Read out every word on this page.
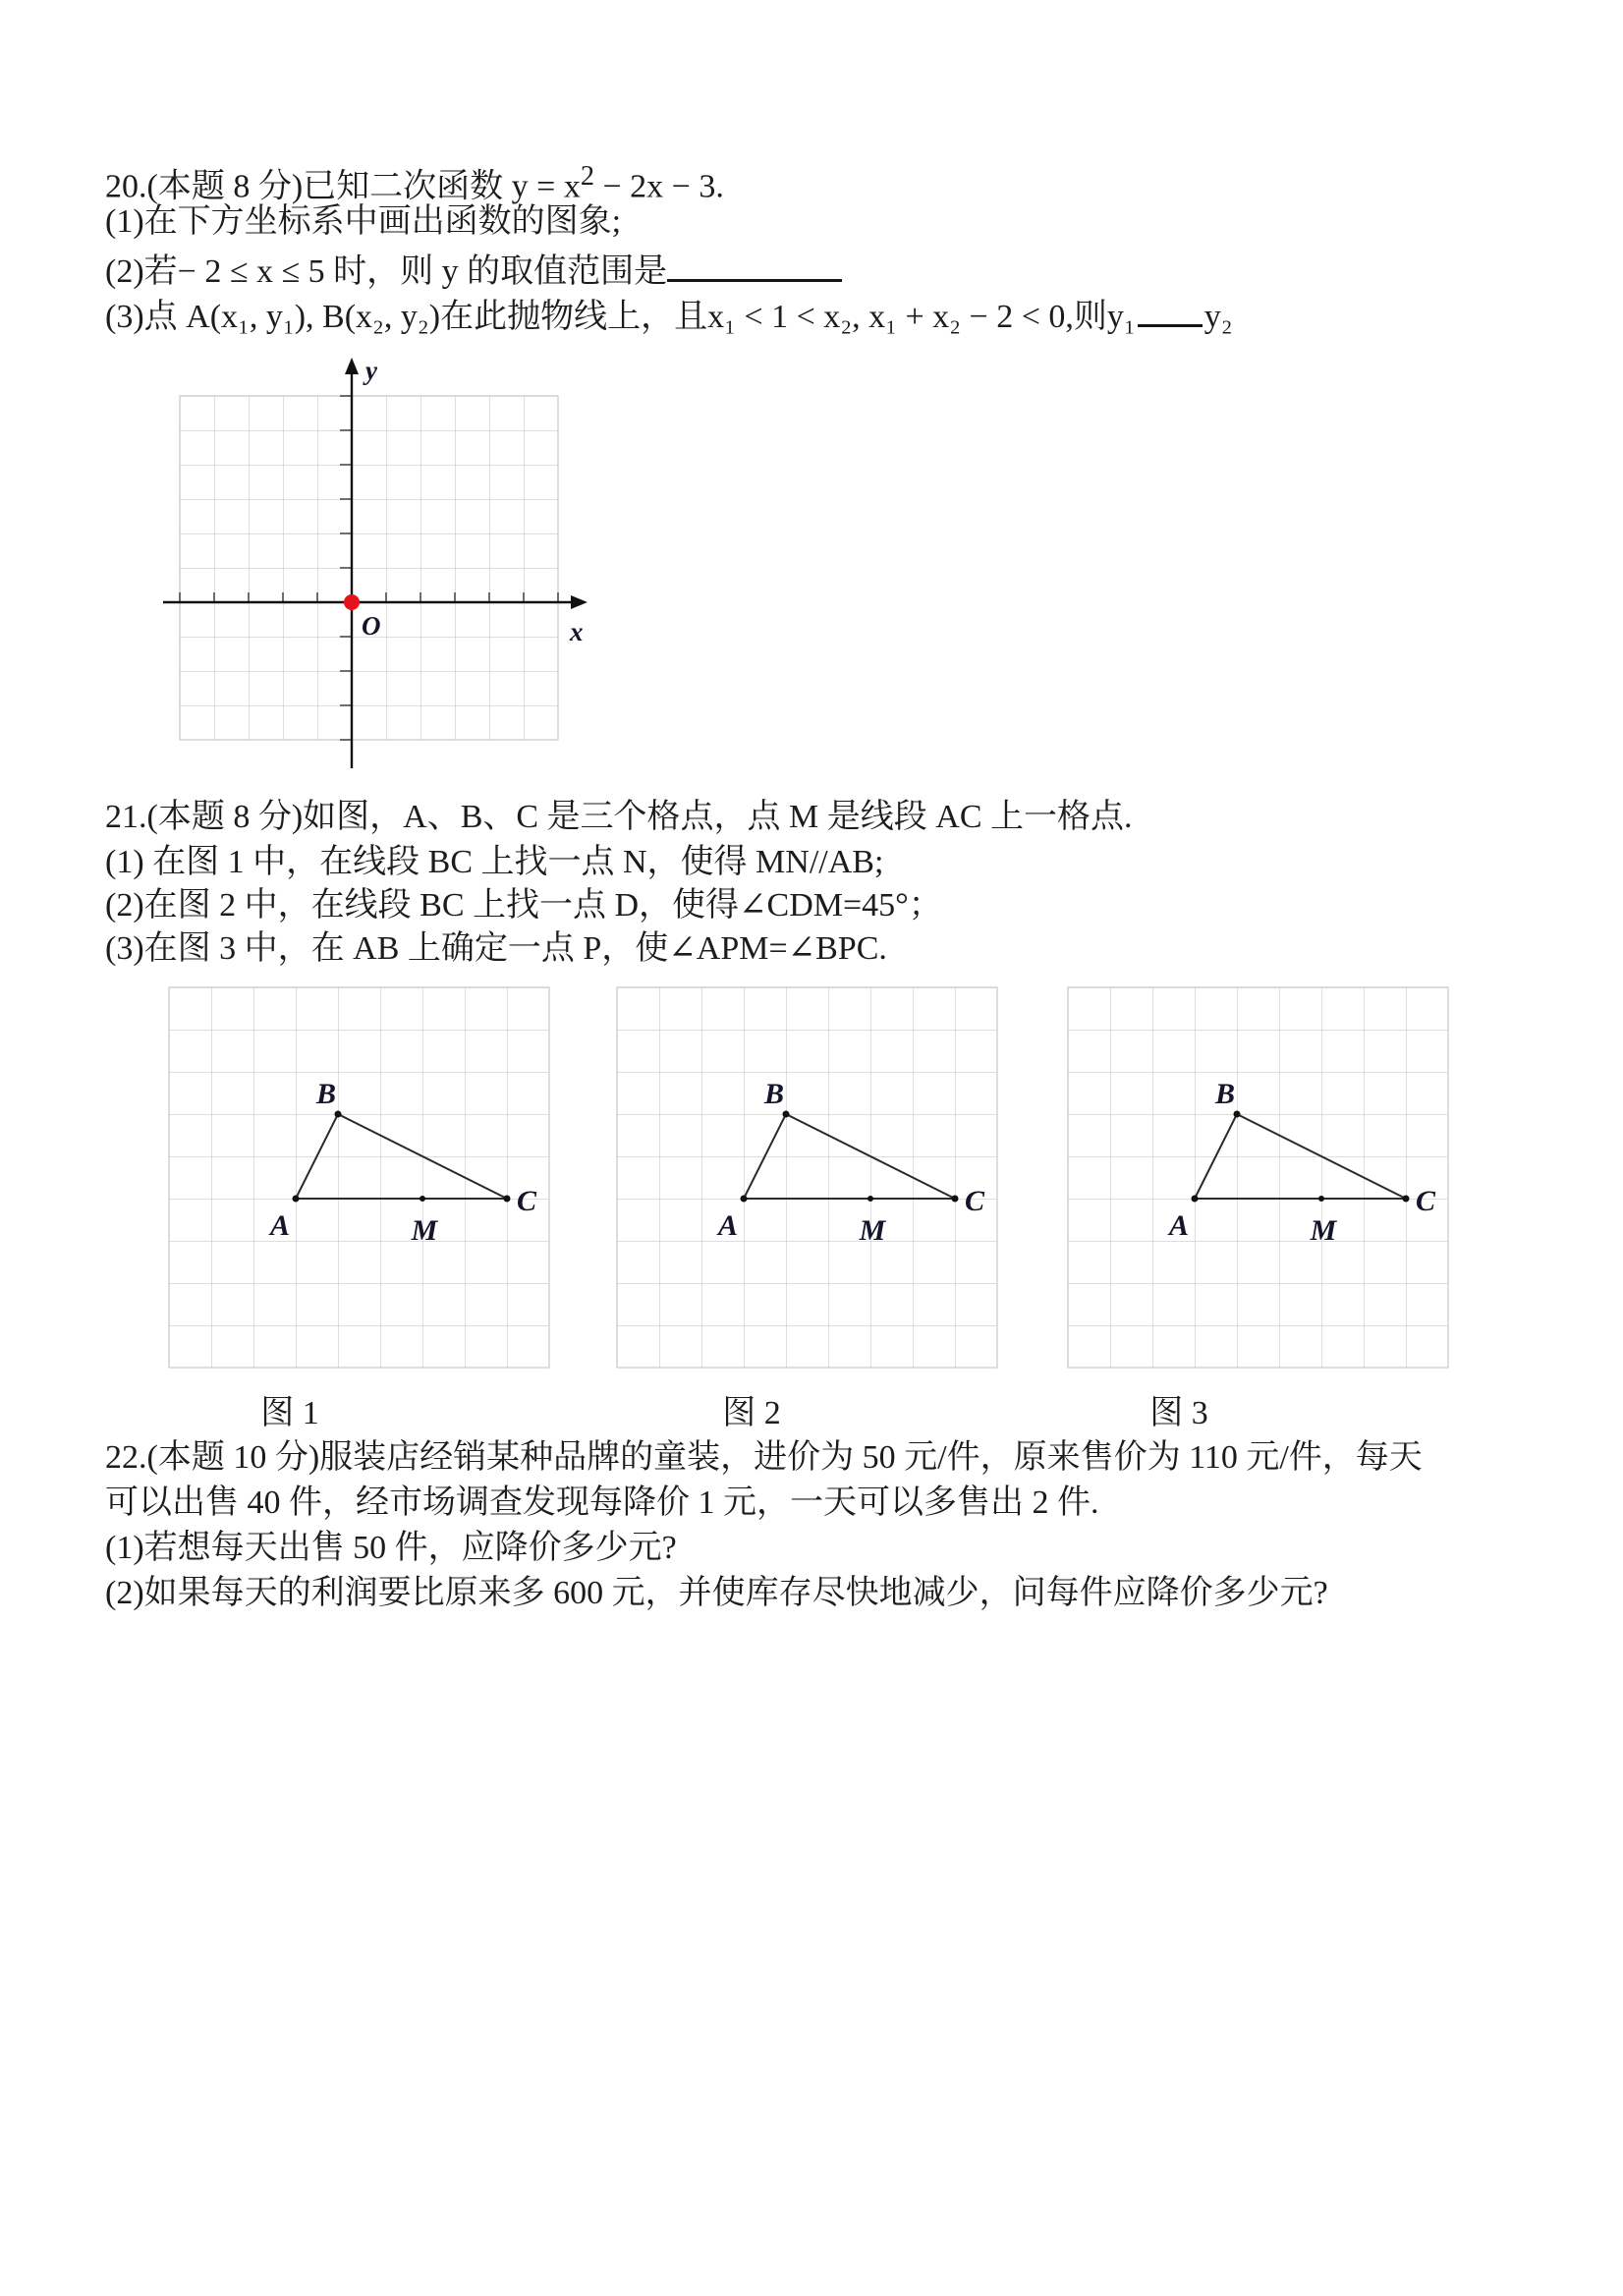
20.(本题 8 分)已知二次函数 $y = x^2 - 2x - 3$.

(1)在下方坐标系中画出函数的图象;

(2)若− 2 ≤ x ≤ 5 时，则 y 的取值范围是

(3)点 A(x₁, y₁), B(x₂, y₂)在此抛物线上，且x₁ < 1 < x₂, x₁ + x₂ − 2 < 0,则y₁ y₂

y
x
O

21.(本题 8 分)如图，A、B、C 是三个格点，点 M 是线段 AC 上一格点.

(1) 在图 1 中，在线段 BC 上找一点 N，使得 MN//AB;

(2)在图 2 中，在线段 BC 上找一点 D，使得∠CDM=45°；

(3)在图 3 中，在 AB 上确定一点 P，使∠APM=∠BPC.

A
B
C
M	A
B
C
M	A
B
C
M

图 1	图 2	图 3

22.(本题 10 分)服装店经销某种品牌的童装，进价为 50 元/件，原来售价为 110 元/件，每天

可以出售 40 件，经市场调查发现每降价 1 元，一天可以多售出 2 件.

(1)若想每天出售 50 件，应降价多少元?

(2)如果每天的利润要比原来多 600 元，并使库存尽快地减少，问每件应降价多少元?
